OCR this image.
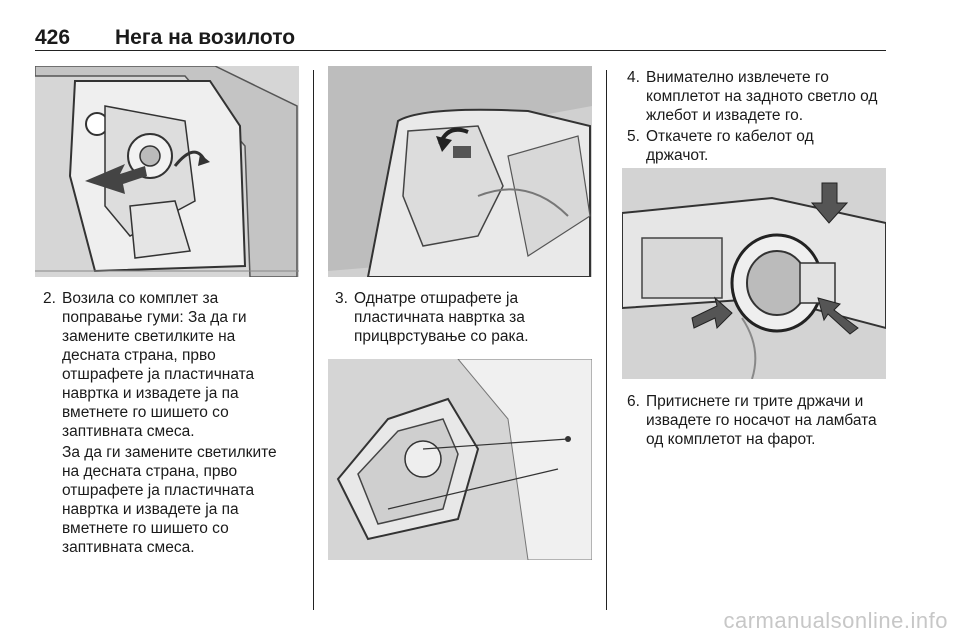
426 Нега на возилото
2. Возила со комплет за
поправање гуми: За да ги
замените светилките на
десната страна, прво
отшрафете ја пластичната
навртка и извадете ја па
вметнете го шишето со
заптивната смеса.
За да ги замените светилките
на десната страна, прво
отшрафете ја пластичната
навртка и извадете ја па
вметнете го шишето со
заптивната смеса.
3. Однатре отшрафете ја
пластичната навртка за
прицврстување со рака.
4. Внимателно извлечете го
комплетот на задното светло од
жлебот и извадете го.
5. Откачете го кабелот од
држачот.
6. Притиснете ги трите држачи и
извадете го носачот на ламбата
од комплетот на фарот.
carmanualsonline.info
